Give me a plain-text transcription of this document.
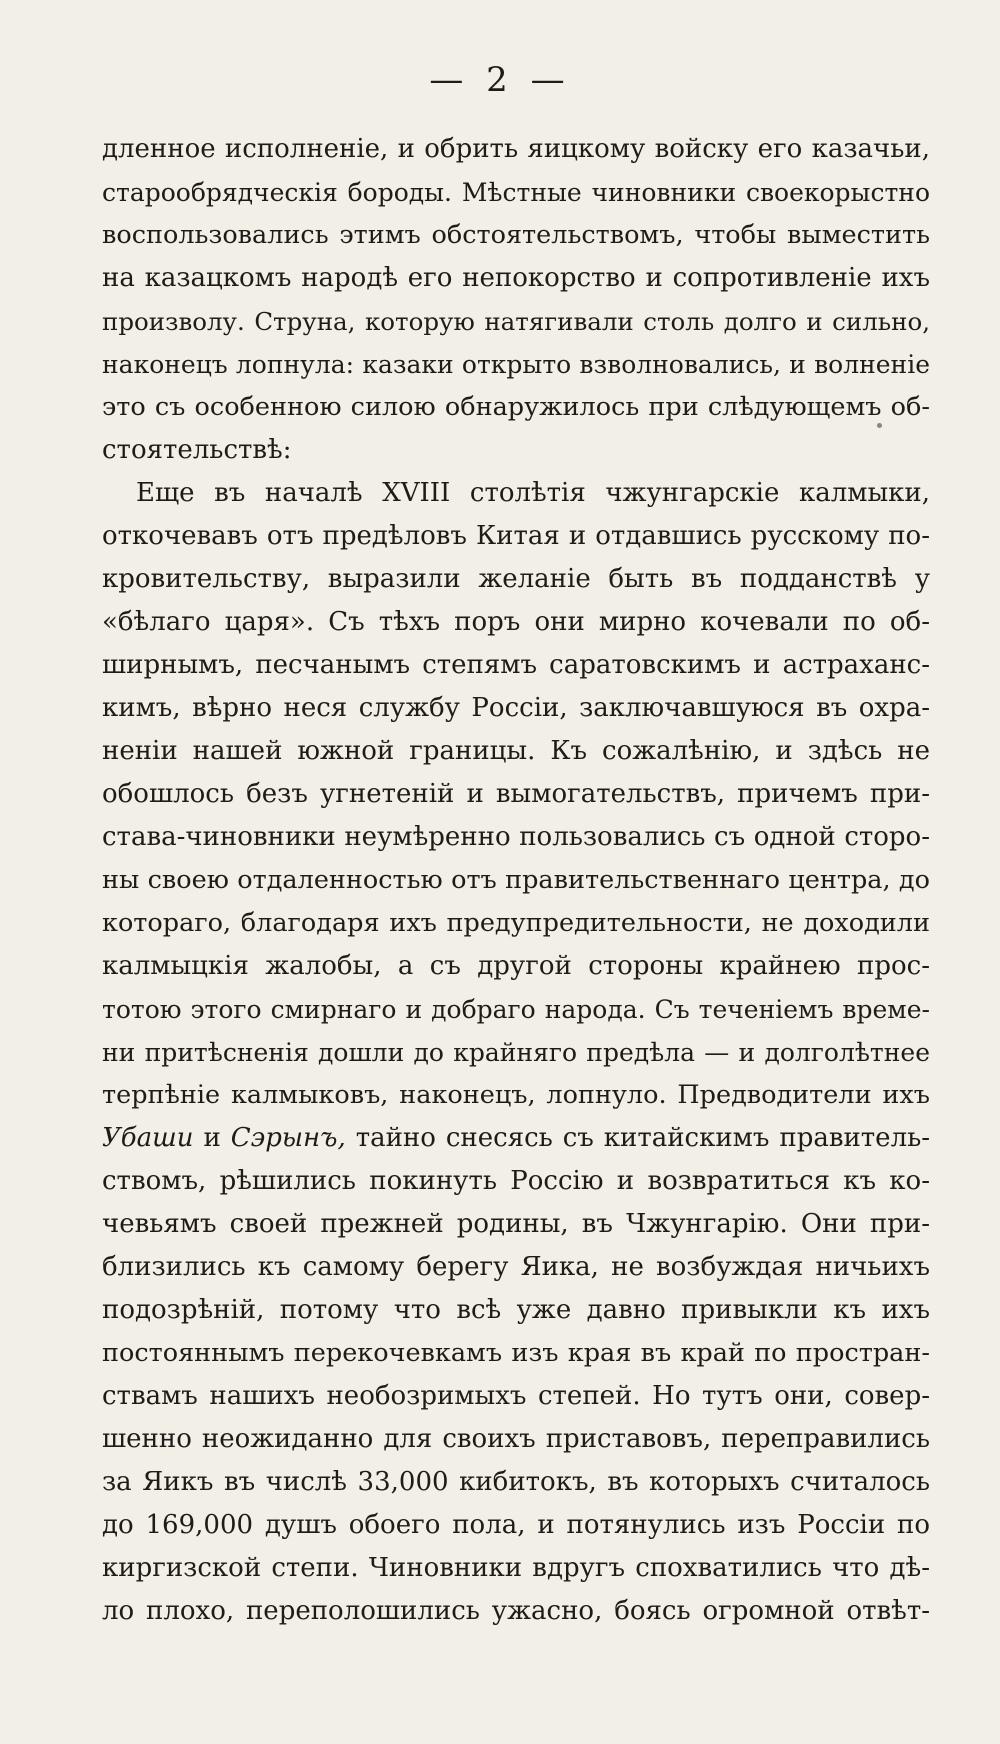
— 2 —
дленное исполненіе, и обрить яицкому войску его казачьи,
старообрядческія бороды. Мѣстные чиновники своекорыстно
воспользовались этимъ обстоятельствомъ, чтобы выместить
на казацкомъ народѣ его непокорство и сопротивленіе ихъ
произволу. Струна, которую натягивали столь долго и сильно,
наконецъ лопнула: казаки открыто взволновались, и волненіе
это съ особенною силою обнаружилось при слѣдующемъ об-
стоятельствѣ:
Еще въ началѣ XVIII столѣтія чжунгарскіе калмыки,
откочевавъ отъ предѣловъ Китая и отдавшись русскому по-
кровительству, выразили желаніе быть въ подданствѣ у
«бѣлаго царя». Съ тѣхъ поръ они мирно кочевали по об-
ширнымъ, песчанымъ степямъ саратовскимъ и астраханс-
кимъ, вѣрно неся службу Россіи, заключавшуюся въ охра-
неніи нашей южной границы. Къ сожалѣнію, и здѣсь не
обошлось безъ угнетеній и вымогательствъ, причемъ при-
става-чиновники неумѣренно пользовались съ одной сторо-
ны своею отдаленностью отъ правительственнаго центра, до
котораго, благодаря ихъ предупредительности, не доходили
калмыцкія жалобы, а съ другой стороны крайнею прос-
тотою этого смирнаго и добраго народа. Съ теченіемъ време-
ни притѣсненія дошли до крайняго предѣла — и долголѣтнее
терпѣніе калмыковъ, наконецъ, лопнуло. Предводители ихъ
Убаши и Сэрынъ, тайно снесясь съ китайскимъ правитель-
ствомъ, рѣшились покинуть Россію и возвратиться къ ко-
чевьямъ своей прежней родины, въ Чжунгарію. Они при-
близились къ самому берегу Яика, не возбуждая ничьихъ
подозрѣній, потому что всѣ уже давно привыкли къ ихъ
постояннымъ перекочевкамъ изъ края въ край по простран-
ствамъ нашихъ необозримыхъ степей. Но тутъ они, совер-
шенно неожиданно для своихъ приставовъ, переправились
за Яикъ въ числѣ 33,000 кибитокъ, въ которыхъ считалось
до 169,000 душъ обоего пола, и потянулись изъ Россіи по
киргизской степи. Чиновники вдругъ спохватились что дѣ-
ло плохо, переполошились ужасно, боясь огромной отвѣт-
